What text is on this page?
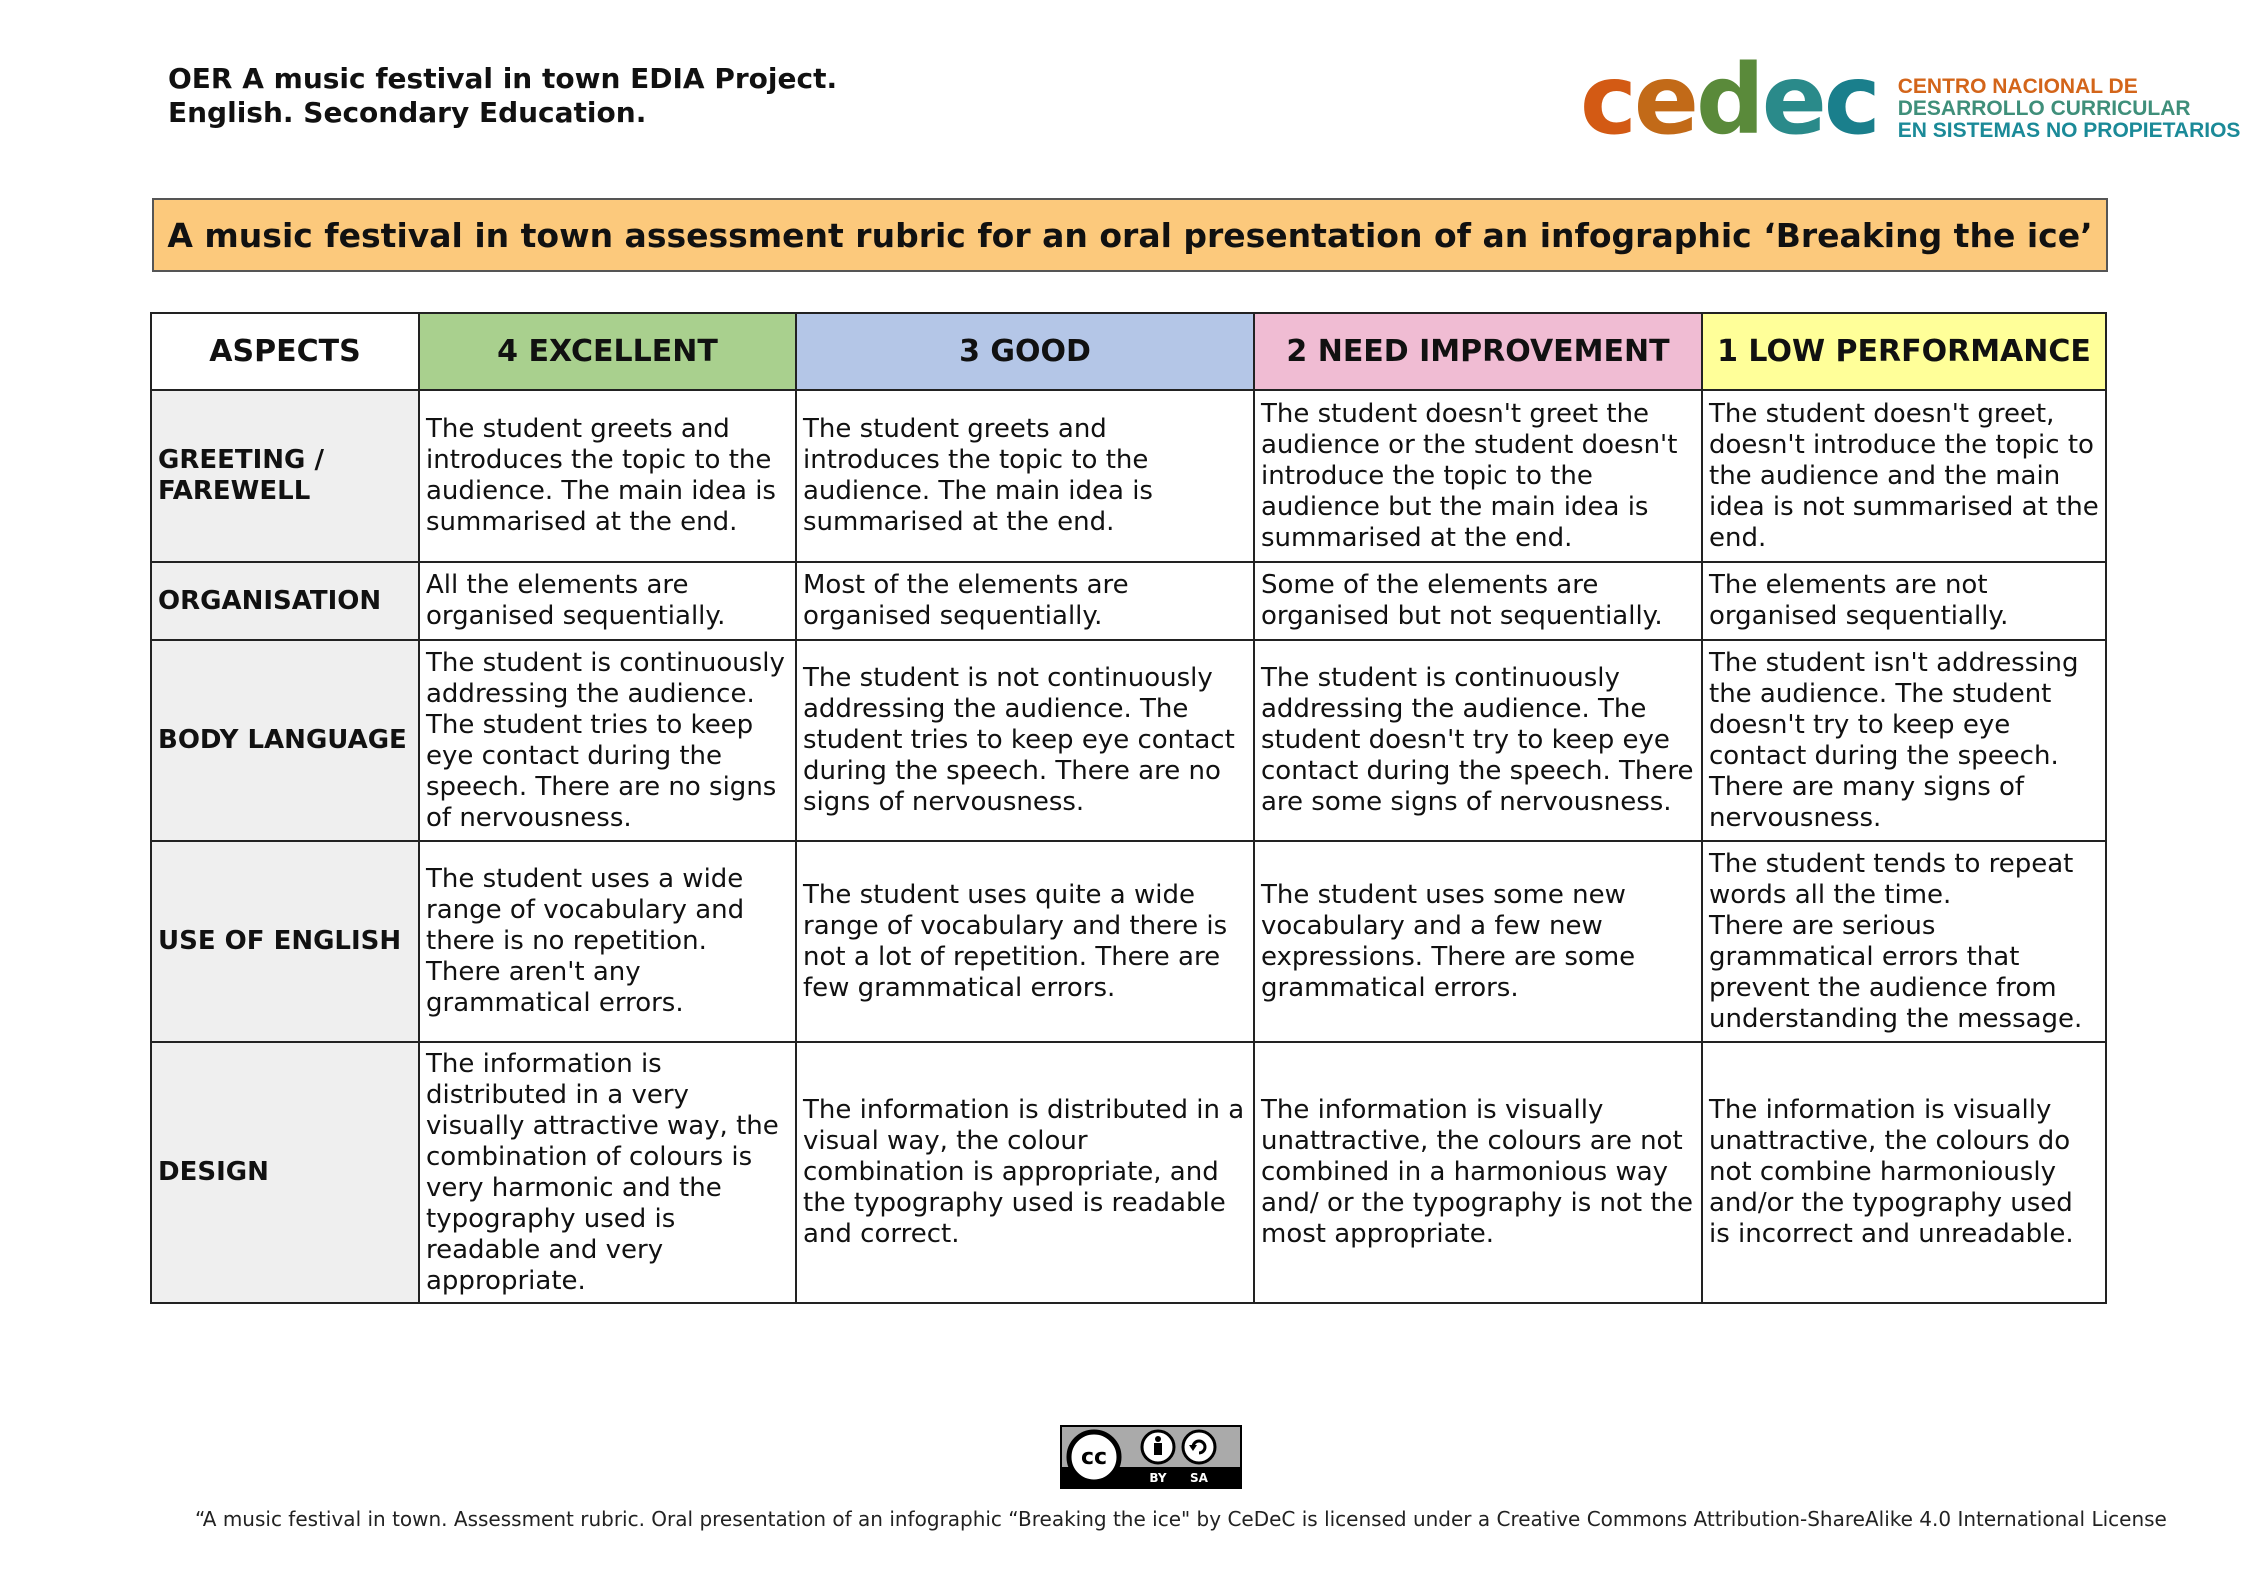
OER A music festival in town EDIA Project.
English. Secondary Education.	cedec CENTRO NACIONAL DE
DESARROLLO CURRICULAR
EN SISTEMAS NO PROPIETARIOS
A music festival in town assessment rubric for an oral presentation of an infographic ‘Breaking the ice’
ASPECTS	4 EXCELLENT	3 GOOD	2 NEED IMPROVEMENT	1 LOW PERFORMANCE
GREETING / FAREWELL	The student greets and introduces the topic to the audience. The main idea is summarised at the end.	The student greets and introduces the topic to the audience. The main idea is summarised at the end.	The student doesn't greet the audience or the student doesn't introduce the topic to the audience but the main idea is summarised at the end.	The student doesn't greet, doesn't introduce the topic to the audience and the main idea is not summarised at the end.
ORGANISATION	All the elements are organised sequentially.	Most of the elements are organised sequentially.	Some of the elements are organised but not sequentially.	The elements are not organised sequentially.
BODY LANGUAGE	The student is continuously addressing the audience. The student tries to keep eye contact during the speech. There are no signs of nervousness.	The student is not continuously addressing the audience. The student tries to keep eye contact during the speech. There are no signs of nervousness.	The student is continuously addressing the audience. The student doesn't try to keep eye contact during the speech. There are some signs of nervousness.	The student isn't addressing the audience. The student doesn't try to keep eye contact during the speech. There are many signs of nervousness.
USE OF ENGLISH	The student uses a wide range of vocabulary and there is no repetition. There aren't any grammatical errors.	The student uses quite a wide range of vocabulary and there is not a lot of repetition. There are few grammatical errors.	The student uses some new vocabulary and a few new expressions. There are some grammatical errors.	The student tends to repeat words all the time.
There are serious grammatical errors that prevent the audience from understanding the message.
DESIGN	The information is distributed in a very visually attractive way, the combination of colours is very harmonic and the typography used is readable and very appropriate.	The information is distributed in a visual way, the colour combination is appropriate, and the typography used is readable and correct.	The information is visually unattractive, the colours are not combined in a harmonious way and/ or the typography is not the most appropriate.	The information is visually unattractive, the colours do not combine harmoniously and/or the typography used is incorrect and unreadable.
cc
BY SA
“A music festival in town. Assessment rubric. Oral presentation of an infographic “Breaking the ice" by CeDeC is licensed under a Creative Commons Attribution-ShareAlike 4.0 International License
